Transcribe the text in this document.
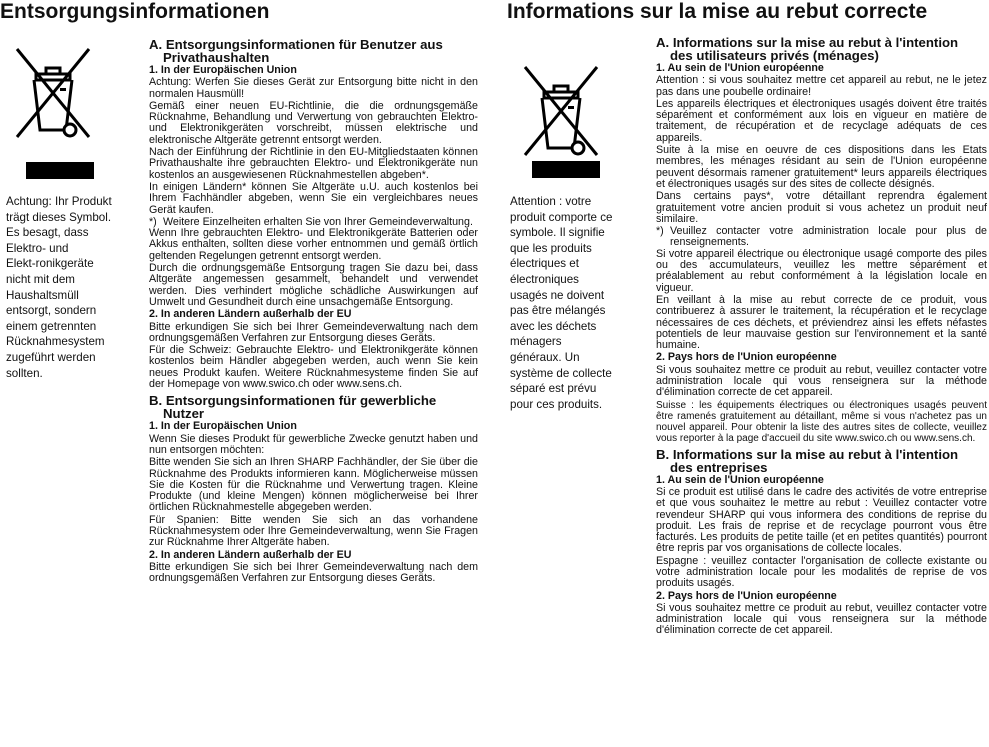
Entsorgungsinformationen
Achtung: Ihr Produkt
trägt dieses Symbol.
Es besagt, dass
Elektro- und
Elekt-ronikgeräte
nicht mit dem
Haushaltsmüll
entsorgt, sondern
einem getrennten
Rücknahmesystem
zugeführt werden
sollten.
A. Entsorgungsinformationen für Benutzer aus
Privathaushalten

1. In der Europäischen Union

Achtung: Werfen Sie dieses Gerät zur Entsorgung bitte nicht in den normalen Hausmüll!

Gemäß einer neuen EU-Richtlinie, die die ordnungsgemäße Rücknahme, Behandlung und Verwertung von gebrauchten Elektro- und Elektronikgeräten vorschreibt, müssen elektrische und elektronische Altgeräte getrennt entsorgt werden.

Nach der Einführung der Richtlinie in den EU-Mitgliedstaaten können Privathaushalte ihre gebrauchten Elektro- und Elektronikgeräte nun kostenlos an ausgewiesenen Rücknahmestellen abgeben*.

In einigen Ländern* können Sie Altgeräte u.U. auch kostenlos bei Ihrem Fachhändler abgeben, wenn Sie ein vergleichbares neues Gerät kaufen.

*) Weitere Einzelheiten erhalten Sie von Ihrer Gemeindeverwaltung.

Wenn Ihre gebrauchten Elektro- und Elektronikgeräte Batterien oder Akkus enthalten, sollten diese vorher entnommen und gemäß örtlich geltenden Regelungen getrennt entsorgt werden.

Durch die ordnungsgemäße Entsorgung tragen Sie dazu bei, dass Altgeräte angemessen gesammelt, behandelt und verwendet werden. Dies verhindert mögliche schädliche Auswirkungen auf Umwelt und Gesundheit durch eine unsachgemäße Entsorgung.

2. In anderen Ländern außerhalb der EU

Bitte erkundigen Sie sich bei Ihrer Gemeindeverwaltung nach dem ordnungsgemäßen Verfahren zur Entsorgung dieses Geräts.

Für die Schweiz: Gebrauchte Elektro- und Elektronikgeräte können kostenlos beim Händler abgegeben werden, auch wenn Sie kein neues Produkt kaufen. Weitere Rücknahmesysteme finden Sie auf der Homepage von www.swico.ch oder www.sens.ch.

B. Entsorgungsinformationen für gewerbliche
Nutzer

1. In der Europäischen Union

Wenn Sie dieses Produkt für gewerbliche Zwecke genutzt haben und nun entsorgen möchten:

Bitte wenden Sie sich an Ihren SHARP Fachhändler, der Sie über die Rücknahme des Produkts informieren kann. Möglicherweise müssen Sie die Kosten für die Rücknahme und Verwertung tragen. Kleine Produkte (und kleine Mengen) können möglicherweise bei Ihrer örtlichen Rücknahmestelle abgegeben werden.

Für Spanien: Bitte wenden Sie sich an das vorhandene Rücknahmesystem oder Ihre Gemeindeverwaltung, wenn Sie Fragen zur Rücknahme Ihrer Altgeräte haben.

2. In anderen Ländern außerhalb der EU

Bitte erkundigen Sie sich bei Ihrer Gemeindeverwaltung nach dem ordnungsgemäßen Verfahren zur Entsorgung dieses Geräts.

Informations sur la mise au rebut correcte
Attention : votre
produit comporte ce
symbole. Il signifie
que les produits
électriques et
électroniques
usagés ne doivent
pas être mélangés
avec les déchets
ménagers
généraux. Un
système de collecte
séparé est prévu
pour ces produits.
A. Informations sur la mise au rebut à l'intention
des utilisateurs privés (ménages)

1. Au sein de l'Union européenne

Attention : si vous souhaitez mettre cet appareil au rebut, ne le jetez pas dans une poubelle ordinaire!

Les appareils électriques et électroniques usagés doivent être traités séparément et conformément aux lois en vigueur en matière de traitement, de récupération et de recyclage adéquats de ces appareils.

Suite à la mise en oeuvre de ces dispositions dans les Etats membres, les ménages résidant au sein de l'Union européenne peuvent désormais ramener gratuitement* leurs appareils électriques et électroniques usagés sur des sites de collecte désignés.

Dans certains pays*, votre détaillant reprendra également gratuitement votre ancien produit si vous achetez un produit neuf similaire.

*) Veuillez contacter votre administration locale pour plus de renseignements.

Si votre appareil électrique ou électronique usagé comporte des piles ou des accumulateurs, veuillez les mettre séparément et préalablement au rebut conformément à la législation locale en vigueur.

En veillant à la mise au rebut correcte de ce produit, vous contribuerez à assurer le traitement, la récupération et le recyclage nécessaires de ces déchets, et préviendrez ainsi les effets néfastes potentiels de leur mauvaise gestion sur l'environnement et la santé humaine.

2. Pays hors de l'Union européenne

Si vous souhaitez mettre ce produit au rebut, veuillez contacter votre administration locale qui vous renseignera sur la méthode d'élimination correcte de cet appareil.

Suisse : les équipements électriques ou électroniques usagés peuvent être ramenés gratuitement au détaillant, même si vous n'achetez pas un nouvel appareil. Pour obtenir la liste des autres sites de collecte, veuillez vous reporter à la page d'accueil du site www.swico.ch ou www.sens.ch.

B. Informations sur la mise au rebut à l'intention
des entreprises

1. Au sein de l'Union européenne

Si ce produit est utilisé dans le cadre des activités de votre entreprise et que vous souhaitez le mettre au rebut : Veuillez contacter votre revendeur SHARP qui vous informera des conditions de reprise du produit. Les frais de reprise et de recyclage pourront vous être facturés. Les produits de petite taille (et en petites quantités) pourront être repris par vos organisations de collecte locales.

Espagne : veuillez contacter l'organisation de collecte existante ou votre administration locale pour les modalités de reprise de vos produits usagés.

2. Pays hors de l'Union européenne

Si vous souhaitez mettre ce produit au rebut, veuillez contacter votre administration locale qui vous renseignera sur la méthode d'élimination correcte de cet appareil.
